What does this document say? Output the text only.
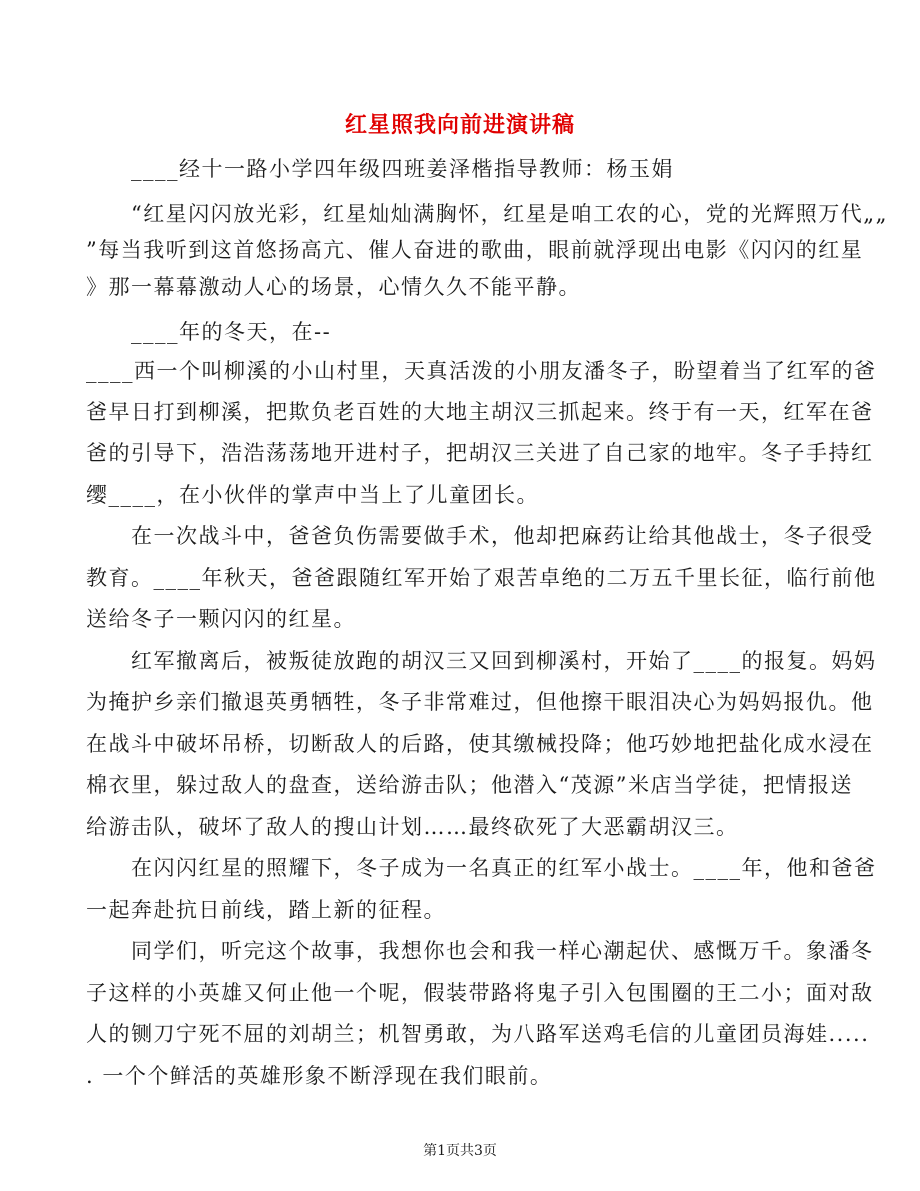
红星照我向前进演讲稿
　　____经十一路小学四年级四班姜泽楷指导教师：杨玉娟
　　“红星闪闪放光彩，红星灿灿满胸怀，红星是咱工农的心，党的光辉照万代„„
”每当我听到这首悠扬高亢、催人奋进的歌曲，眼前就浮现出电影《闪闪的红星
》那一幕幕激动人心的场景，心情久久不能平静。
　　____年的冬天，在--
____西一个叫柳溪的小山村里，天真活泼的小朋友潘冬子，盼望着当了红军的爸
爸早日打到柳溪，把欺负老百姓的大地主胡汉三抓起来。终于有一天，红军在爸
爸的引导下，浩浩荡荡地开进村子，把胡汉三关进了自己家的地牢。冬子手持红
缨____，在小伙伴的掌声中当上了儿童团长。
　　在一次战斗中，爸爸负伤需要做手术，他却把麻药让给其他战士，冬子很受
教育。____年秋天，爸爸跟随红军开始了艰苦卓绝的二万五千里长征，临行前他
送给冬子一颗闪闪的红星。
　　红军撤离后，被叛徒放跑的胡汉三又回到柳溪村，开始了____的报复。妈妈
为掩护乡亲们撤退英勇牺牲，冬子非常难过，但他擦干眼泪决心为妈妈报仇。他
在战斗中破坏吊桥，切断敌人的后路，使其缴械投降；他巧妙地把盐化成水浸在
棉衣里，躲过敌人的盘查，送给游击队；他潜入“茂源”米店当学徒，把情报送
给游击队，破坏了敌人的搜山计划……最终砍死了大恶霸胡汉三。
　　在闪闪红星的照耀下，冬子成为一名真正的红军小战士。____年，他和爸爸
一起奔赴抗日前线，踏上新的征程。
　　同学们，听完这个故事，我想你也会和我一样心潮起伏、感慨万千。象潘冬
子这样的小英雄又何止他一个呢，假装带路将鬼子引入包围圈的王二小；面对敌
人的铡刀宁死不屈的刘胡兰；机智勇敢，为八路军送鸡毛信的儿童团员海娃.....
. 一个个鲜活的英雄形象不断浮现在我们眼前。
第1页共3页
